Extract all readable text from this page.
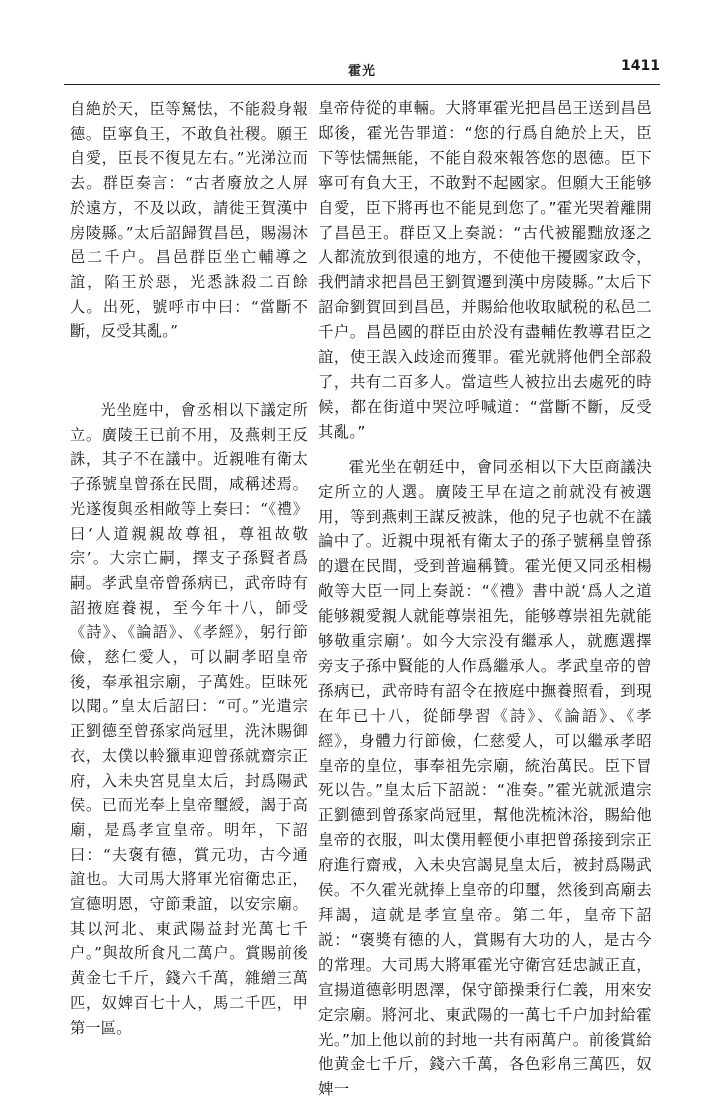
霍光	1411

自絶於天，臣等駑怯，不能殺身報德。臣寧負王，不敢負社稷。願王自愛，臣長不復見左右。”光涕泣而去。群臣奏言：“古者廢放之人屏於遠方，不及以政，請徙王賀漢中房陵縣。”太后詔歸賀昌邑，賜湯沐邑二千户。昌邑群臣坐亡輔導之誼，陷王於惡，光悉誅殺二百餘人。出死，號呼市中曰：“當斷不斷，反受其亂。”

光坐庭中，會丞相以下議定所立。廣陵王已前不用，及燕剌王反誅，其子不在議中。近親唯有衛太子孫號皇曾孫在民間，咸稱述焉。光遂復與丞相敞等上奏曰：“《禮》曰‘人道親親故尊祖，尊祖故敬宗’。大宗亡嗣，擇支子孫賢者爲嗣。孝武皇帝曾孫病已，武帝時有詔掖庭養視，至今年十八，師受《詩》、《論語》、《孝經》，躬行節儉，慈仁愛人，可以嗣孝昭皇帝後，奉承祖宗廟，子萬姓。臣昧死以聞。”皇太后詔曰：“可。”光遣宗正劉德至曾孫家尚冠里，洗沐賜御衣，太僕以軨獵車迎曾孫就齋宗正府，入未央宮見皇太后，封爲陽武侯。已而光奉上皇帝璽綬，謁于高廟，是爲孝宣皇帝。明年，下詔曰：“夫褒有德，賞元功，古今通誼也。大司馬大將軍光宿衛忠正，宣德明恩，守節秉誼，以安宗廟。其以河北、東武陽益封光萬七千户。”與故所食凡二萬户。賞賜前後黄金七千斤，錢六千萬，雜繒三萬匹，奴婢百七十人，馬二千匹，甲第一區。

皇帝侍從的車輛。大將軍霍光把昌邑王送到昌邑邸後，霍光告罪道：“您的行爲自絶於上天，臣下等怯懦無能，不能自殺來報答您的恩德。臣下寧可有負大王，不敢對不起國家。但願大王能够自愛，臣下將再也不能見到您了。”霍光哭着離開了昌邑王。群臣又上奏説：“古代被罷黜放逐之人都流放到很遠的地方，不使他干擾國家政令，我們請求把昌邑王劉賀遷到漢中房陵縣。”太后下詔命劉賀回到昌邑，并賜給他收取賦税的私邑二千户。昌邑國的群臣由於没有盡輔佐教導君臣之誼，使王誤入歧途而獲罪。霍光就將他們全部殺了，共有二百多人。當這些人被拉出去處死的時候，都在街道中哭泣呼喊道：“當斷不斷，反受其亂。”

霍光坐在朝廷中，會同丞相以下大臣商議決定所立的人選。廣陵王早在這之前就没有被選用，等到燕剌王謀反被誅，他的兒子也就不在議論中了。近親中現衹有衛太子的孫子號稱皇曾孫的還在民間，受到普遍稱贊。霍光便又同丞相楊敞等大臣一同上奏説：“《禮》書中説‘爲人之道能够親愛親人就能尊崇祖先，能够尊崇祖先就能够敬重宗廟’。如今大宗没有繼承人，就應選擇旁支子孫中賢能的人作爲繼承人。孝武皇帝的曾孫病已，武帝時有詔令在掖庭中撫養照看，到現在年已十八，從師學習《詩》、《論語》、《孝經》，身體力行節儉，仁慈愛人，可以繼承孝昭皇帝的皇位，事奉祖先宗廟，統治萬民。臣下冒死以告。”皇太后下詔説：“准奏。”霍光就派遣宗正劉德到曾孫家尚冠里，幫他洗梳沐浴，賜給他皇帝的衣服，叫太僕用輕便小車把曾孫接到宗正府進行齋戒，入未央宫謁見皇太后，被封爲陽武侯。不久霍光就捧上皇帝的印璽，然後到高廟去拜謁，這就是孝宣皇帝。第二年，皇帝下詔説：“褒獎有德的人，賞賜有大功的人，是古今的常理。大司馬大將軍霍光守衛宫廷忠誠正直，宣揚道德彰明恩澤，保守節操秉行仁義，用來安定宗廟。將河北、東武陽的一萬七千户加封給霍光。”加上他以前的封地一共有兩萬户。前後賞給他黄金七千斤，錢六千萬，各色彩帛三萬匹，奴婢一
